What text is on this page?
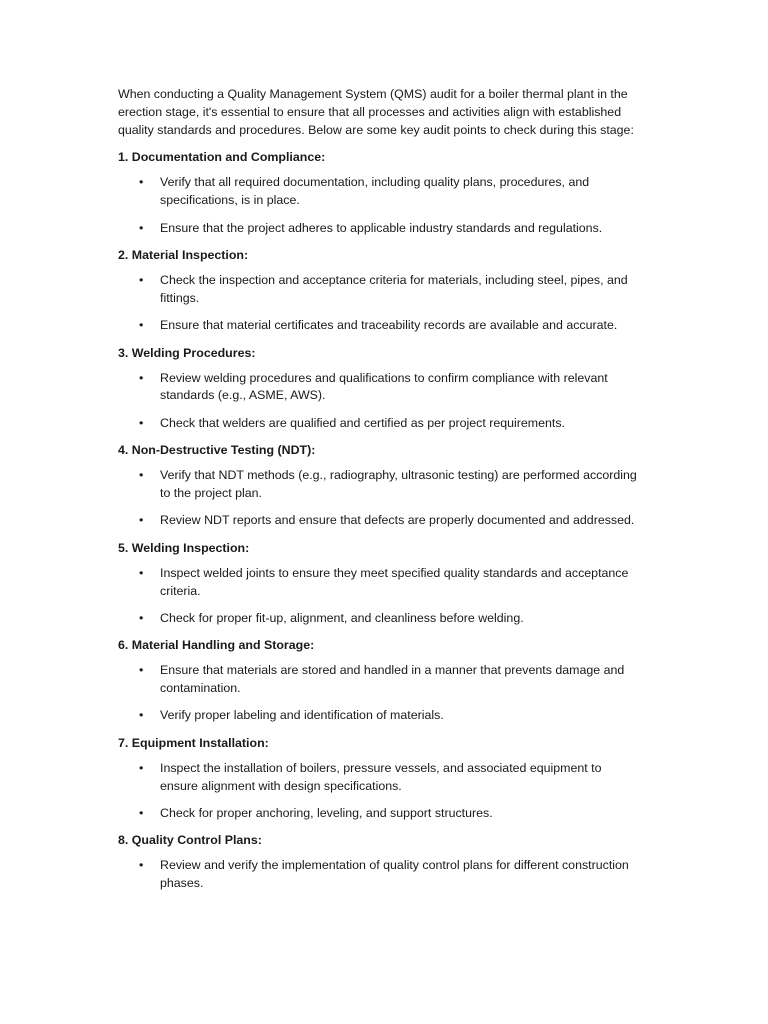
When conducting a Quality Management System (QMS) audit for a boiler thermal plant in the erection stage, it's essential to ensure that all processes and activities align with established quality standards and procedures. Below are some key audit points to check during this stage:

1. Documentation and Compliance:

• Verify that all required documentation, including quality plans, procedures, and specifications, is in place.
• Ensure that the project adheres to applicable industry standards and regulations.

2. Material Inspection:

• Check the inspection and acceptance criteria for materials, including steel, pipes, and fittings.
• Ensure that material certificates and traceability records are available and accurate.

3. Welding Procedures:

• Review welding procedures and qualifications to confirm compliance with relevant standards (e.g., ASME, AWS).
• Check that welders are qualified and certified as per project requirements.

4. Non-Destructive Testing (NDT):

• Verify that NDT methods (e.g., radiography, ultrasonic testing) are performed according to the project plan.
• Review NDT reports and ensure that defects are properly documented and addressed.

5. Welding Inspection:

• Inspect welded joints to ensure they meet specified quality standards and acceptance criteria.
• Check for proper fit-up, alignment, and cleanliness before welding.

6. Material Handling and Storage:

• Ensure that materials are stored and handled in a manner that prevents damage and contamination.
• Verify proper labeling and identification of materials.

7. Equipment Installation:

• Inspect the installation of boilers, pressure vessels, and associated equipment to ensure alignment with design specifications.
• Check for proper anchoring, leveling, and support structures.

8. Quality Control Plans:

• Review and verify the implementation of quality control plans for different construction phases.
